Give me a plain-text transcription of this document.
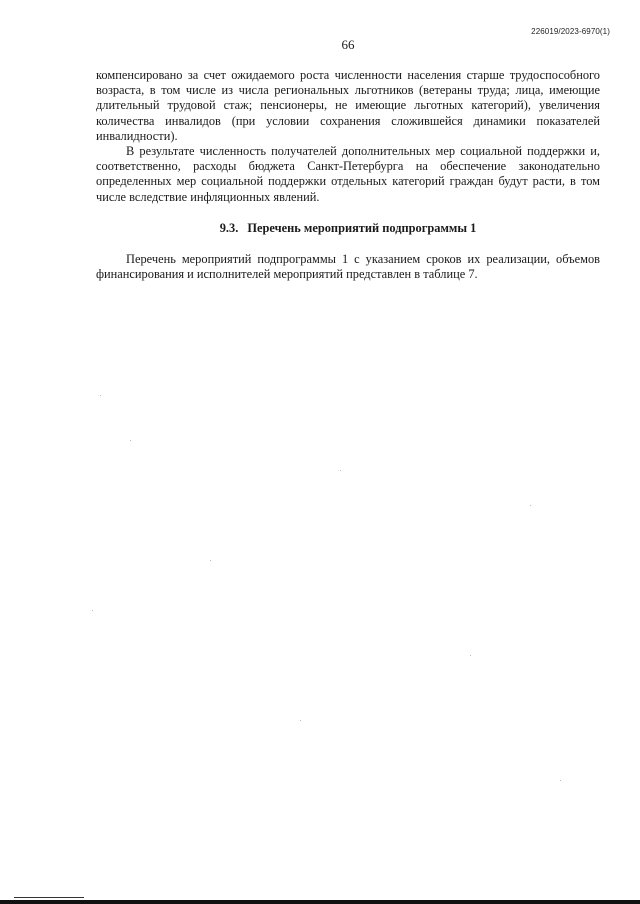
226019/2023-6970(1)
66

компенсировано за счет ожидаемого роста численности населения старше трудоспособного возраста, в том числе из числа региональных льготников (ветераны труда; лица, имеющие длительный трудовой стаж; пенсионеры, не имеющие льготных категорий), увеличения количества инвалидов (при условии сохранения сложившейся динамики показателей инвалидности).

В результате численность получателей дополнительных мер социальной поддержки и, соответственно, расходы бюджета Санкт-Петербурга на обеспечение законодательно определенных мер социальной поддержки отдельных категорий граждан будут расти, в том числе вследствие инфляционных явлений.

9.3. Перечень мероприятий подпрограммы 1

Перечень мероприятий подпрограммы 1 с указанием сроков их реализации, объемов финансирования и исполнителей мероприятий представлен в таблице 7.
